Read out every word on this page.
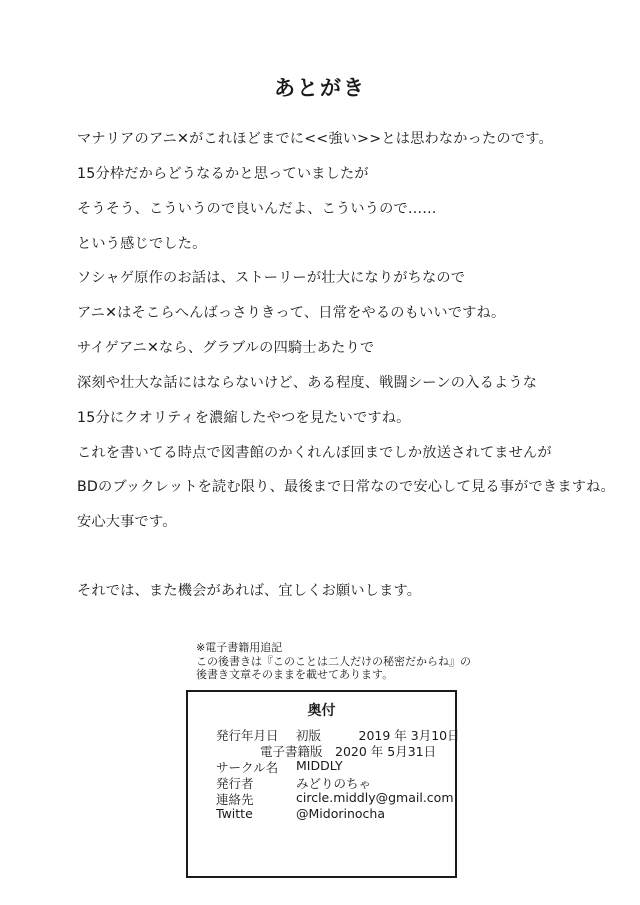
あとがき
マナリアのアニ✕がこれほどまでに<<強い>>とは思わなかったのです。
15分枠だからどうなるかと思っていましたが
そうそう、こういうので良いんだよ、こういうので……
という感じでした。
ソシャゲ原作のお話は、ストーリーが壮大になりがちなので
アニ✕はそこらへんばっさりきって、日常をやるのもいいですね。
サイゲアニ✕なら、グラブルの四騎士あたりで
深刻や壮大な話にはならないけど、ある程度、戦闘シーンの入るような
15分にクオリティを濃縮したやつを見たいですね。
これを書いてる時点で図書館のかくれんぼ回までしか放送されてませんが
BDのブックレットを読む限り、最後まで日常なので安心して見る事ができますね。
安心大事です。
それでは、また機会があれば、宜しくお願いします。
※電子書籍用追記
この後書きは『このことは二人だけの秘密だからね』の
後書き文章そのままを載せてあります。
奥付
発行年月日 初版　　　2019 年 3月10日
電子書籍版　2020 年 5月31日
サークル名 MIDDLY
発行者	みどりのちゃ
連絡先	circle.middly@gmail.com
Twitte	@Midorinocha
